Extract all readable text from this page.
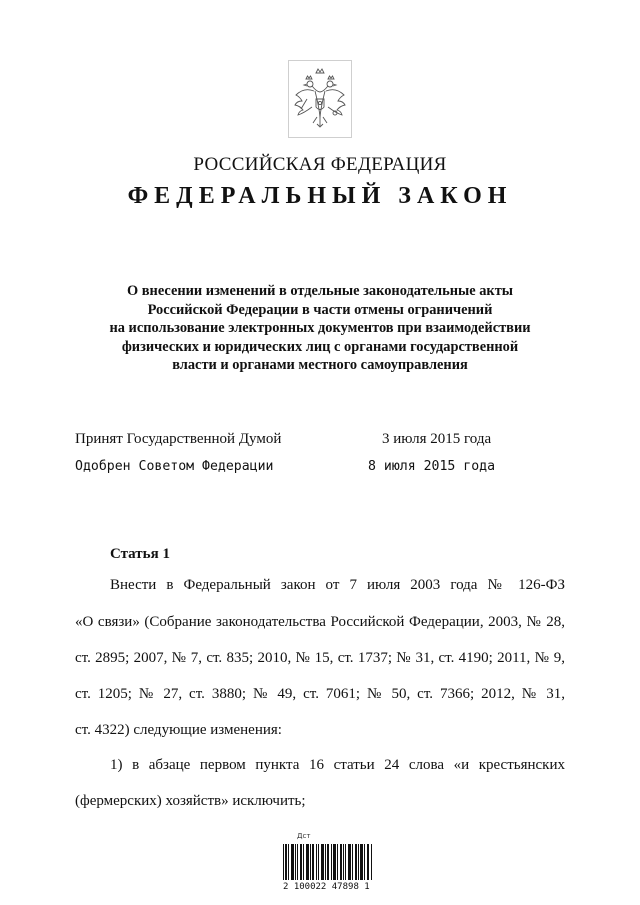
РОССИЙСКАЯ ФЕДЕРАЦИЯ
ФЕДЕРАЛЬНЫЙ ЗАКОН
О внесении изменений в отдельные законодательные акты
Российской Федерации в части отмены ограничений
на использование электронных документов при взаимодействии
физических и юридических лиц с органами государственной
власти и органами местного самоуправления
Принят Государственной Думой	3 июля 2015 года
Одобрен Советом Федерации	8 июля 2015 года
Статья 1
Внести в Федеральный закон от 7 июля 2003 года № 126-ФЗ
«О связи» (Собрание законодательства Российской Федерации, 2003, № 28,
ст. 2895; 2007, № 7, ст. 835; 2010, № 15, ст. 1737; № 31, ст. 4190; 2011, № 9,
ст. 1205; № 27, ст. 3880; № 49, ст. 7061; № 50, ст. 7366; 2012, № 31,
ст. 4322) следующие изменения:
1) в абзаце первом пункта 16 статьи 24 слова «и крестьянских
(фермерских) хозяйств» исключить;
Дст
2 100022 47898 1
